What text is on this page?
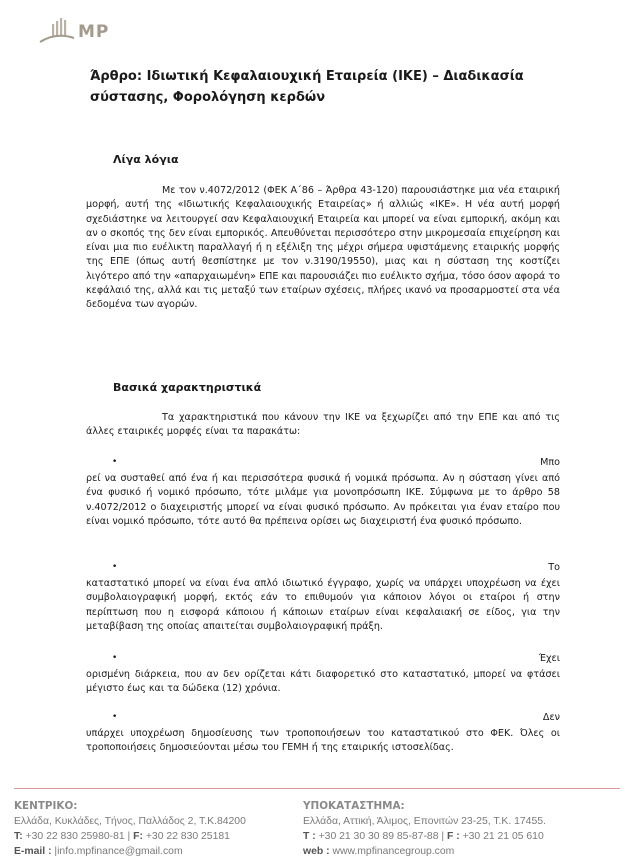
MP
Άρθρο: Ιδιωτική Κεφαλαιουχική Εταιρεία (ΙΚΕ) – Διαδικασία σύστασης, Φορολόγηση κερδών
Λίγα λόγια
Με τον ν.4072/2012 (ΦΕΚ Α΄86 – Άρθρα 43-120) παρουσιάστηκε μια νέα εταιρική μορφή, αυτή της «Ιδιωτικής Κεφαλαιουχικής Εταιρείας» ή αλλιώς «ΙΚΕ». Η νέα αυτή μορφή σχεδιάστηκε να λειτουργεί σαν Κεφαλαιουχική Εταιρεία και μπορεί να είναι εμπορική, ακόμη και αν ο σκοπός της δεν είναι εμπορικός. Απευθύνεται περισσότερο στην μικρομεσαία επιχείρηση και είναι μια πιο ευέλικτη παραλλαγή ή η εξέλιξη της μέχρι σήμερα υφιστάμενης εταιρικής μορφής της ΕΠΕ (όπως αυτή θεσπίστηκε με τον ν.3190/19550), μιας και η σύσταση της κοστίζει λιγότερο από την «απαρχαιωμένη» ΕΠΕ και παρουσιάζει πιο ευέλικτο σχήμα, τόσο όσον αφορά το κεφάλαιό της, αλλά και τις μεταξύ των εταίρων σχέσεις, πλήρες ικανό να προσαρμοστεί στα νέα δεδομένα των αγορών.
Βασικά χαρακτηριστικά
Τα χαρακτηριστικά που κάνουν την ΙΚΕ να ξεχωρίζει από την ΕΠΕ και από τις άλλες εταιρικές μορφές είναι τα παρακάτω:
•	Μπο
ρεί να συσταθεί από ένα ή και περισσότερα φυσικά ή νομικά πρόσωπα. Αν η σύσταση γίνει από ένα φυσικό ή νομικό πρόσωπο, τότε μιλάμε για μονοπρόσωπη ΙΚΕ. Σύμφωνα με το άρθρο 58 ν.4072/2012 ο διαχειριστής μπορεί να είναι φυσικό πρόσωπο. Αν πρόκειται για έναν εταίρο που είναι νομικό πρόσωπο, τότε αυτό θα πρέπεινα ορίσει ως διαχειριστή ένα φυσικό πρόσωπο.
•	Το
καταστατικό μπορεί να είναι ένα απλό ιδιωτικό έγγραφο, χωρίς να υπάρχει υποχρέωση να έχει συμβολαιογραφική μορφή, εκτός εάν το επιθυμούν για κάποιον λόγοι οι εταίροι ή στην περίπτωση που η εισφορά κάποιου ή κάποιων εταίρων είναι κεφαλαιακή σε είδος, για την μεταβίβαση της οποίας απαιτείται συμβολαιογραφική πράξη.
•	Έχει
ορισμένη διάρκεια, που αν δεν ορίζεται κάτι διαφορετικό στο καταστατικό, μπορεί να φτάσει μέγιστο έως και τα δώδεκα (12) χρόνια.
•	Δεν
υπάρχει υποχρέωση δημοσίευσης των τροποποιήσεων του καταστατικού στο ΦΕΚ. Όλες οι τροποποιήσεις δημοσιεύονται μέσω του ΓΕΜΗ ή της εταιρικής ιστοσελίδας.
ΚΕΝΤΡΙΚΟ:
Ελλάδα, Κυκλάδες, Τήνος, Παλλάδος 2, Τ.Κ.84200
Τ: +30 22 830 25980-81 | F: +30 22 830 25181
E-mail : |info.mpfinance@gmail.com
ΥΠΟΚΑΤΑΣΤΗΜΑ:
Ελλάδα, Αττική, Άλιμος, Επονιτών 23-25, Τ.Κ. 17455.
Τ : +30 21 30 30 89 85-87-88 | F : +30 21 21 05 610
web : www.mpfinancegroup.com
